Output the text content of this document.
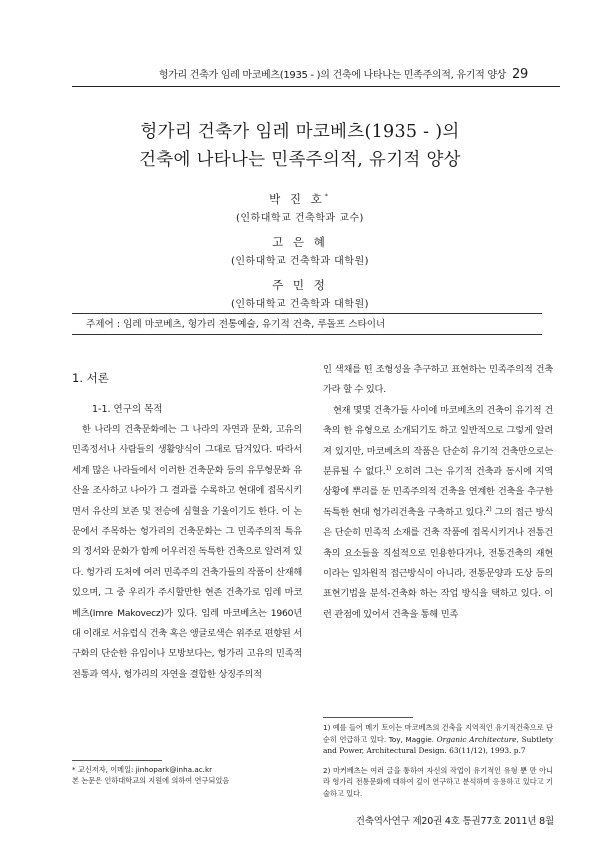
헝가리 건축가 임레 마코베츠(1935 - )의 건축에 나타나는 민족주의적, 유기적 양상 29
헝가리 건축가 임레 마코베츠(1935 - )의
건축에 나타나는 민족주의적, 유기적 양상
박 진 호*
(인하대학교 건축학과 교수)
고 은 혜
(인하대학교 건축학과 대학원)
주 민 정
(인하대학교 건축학과 대학원)
주제어 : 임레 마코베츠, 헝가리 전통예술, 유기적 건축, 루돌프 스타이너
1. 서론
1-1. 연구의 목적

한 나라의 건축문화에는 그 나라의 자연과 문화, 고유의 민족정서나 사람들의 생활양식이 그대로 담겨있다. 따라서 세계 많은 나라들에서 이러한 건축문화 등의 유무형문화 유산을 조사하고 나아가 그 결과를 수록하고 현대에 접목시키면서 유산의 보존 및 전승에 심혈을 기울이기도 한다. 이 논문에서 주목하는 헝가리의 건축문화는 그 민족주의적 특유의 정서와 문화가 함께 어우러진 독특한 건축으로 알려져 있다. 헝가리 도처에 여러 민족주의 건축가들의 작품이 산재해있으며, 그 중 우리가 주시할만한 현존 건축가로 임레 마코베츠(Imre Makovecz)가 있다. 임레 마코베츠는 1960년대 이래로 서유럽식 건축 혹은 앵글로색슨 위주로 편향된 서구화의 단순한 유입이나 모방보다는, 헝가리 고유의 민족적 전통과 역사, 헝가리의 자연을 결합한 상징주의적

인 색채를 띤 조형성을 추구하고 표현하는 민족주의적 건축가라 할 수 있다.

현재 몇몇 건축가들 사이에 마코베츠의 건축이 유기적 건축의 한 유형으로 소개되기도 하고 일반적으로 그렇게 알려져 있지만, 마코베츠의 작품은 단순히 유기적 건축만으로는 분류될 수 없다.$^{1)}$ 오히려 그는 유기적 건축과 동시에 지역 상황에 뿌리를 둔 민족주의적 건축을 연계한 건축을 추구한 독특한 현대 헝가리건축을 구축하고 있다.$^{2)}$ 그의 접근 방식은 단순히 민족적 소재를 건축 작품에 접목시키거나 전통건축의 요소들을 직설적으로 인용한다거나, 전통건축의 재현이라는 일차원적 접근방식이 아니라, 전통문양과 도상 등의 표현기법을 분석-건축화 하는 작업 방식을 택하고 있다. 이런 관점에 있어서 건축을 통해 민족

* 교신저자, 이메일: jinhopark@inha.ac.kr
본 논문은 인하대학교의 지원에 의하여 연구되었음

1) 예를 들어 메기 토이는 마코베츠의 건축을 지역적인 유기적건축으로 단순히 언급하고 있다. Toy, Maggie. Organic Architecture, Subtlety and Power, Architectural Design. 63(11/12), 1993. p.7

2) 마커베츠는 여러 글을 통하여 자신의 작업이 유기적인 유형 뿐 만 아니라 헝가리 전통문화에 대하여 깊이 연구하고 분석하며 응용하고 있다고 기술하고 있다.

건축역사연구 제20권 4호 통권77호 2011년 8월
